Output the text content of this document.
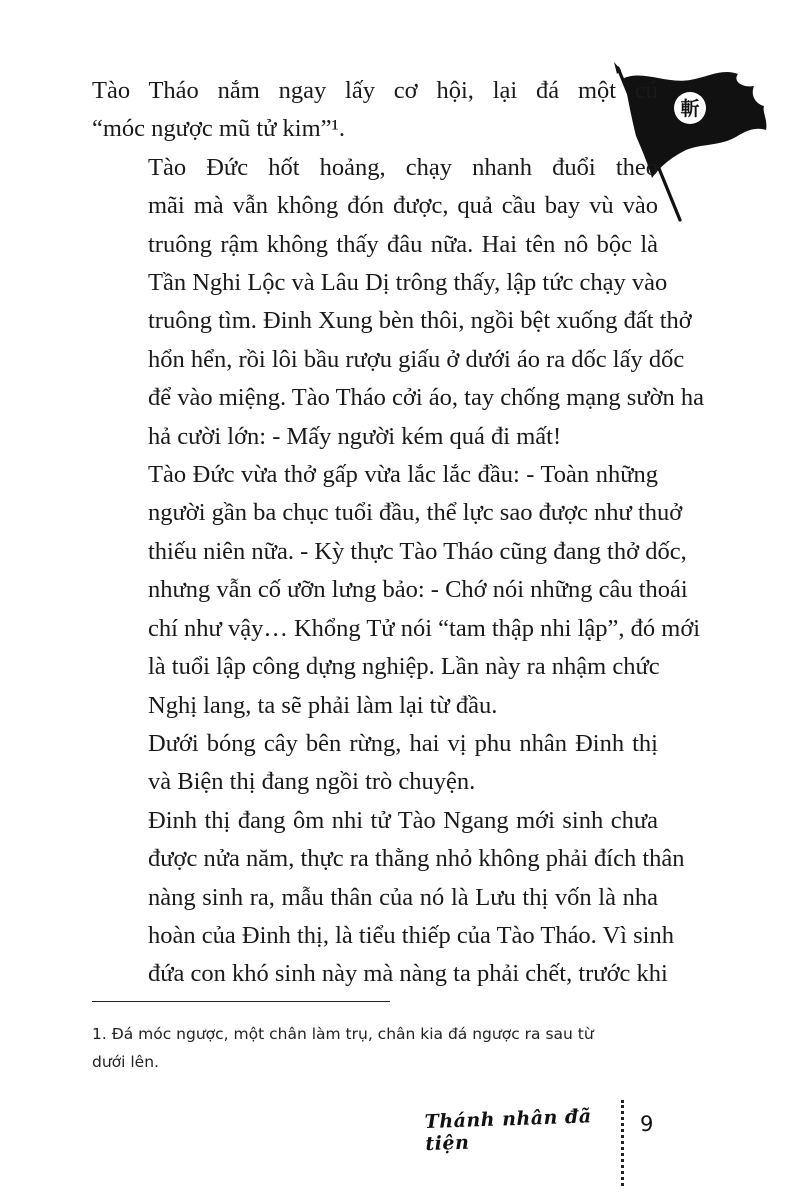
斬

Tào Tháo nắm ngay lấy cơ hội, lại đá một cú
“móc ngược mũ tử kim”¹.

Tào Đức hốt hoảng, chạy nhanh đuổi theo
mãi mà vẫn không đón được, quả cầu bay vù vào
truông rậm không thấy đâu nữa. Hai tên nô bộc là
Tần Nghi Lộc và Lâu Dị trông thấy, lập tức chạy vào
truông tìm. Đinh Xung bèn thôi, ngồi bệt xuống đất thở
hổn hển, rồi lôi bầu rượu giấu ở dưới áo ra dốc lấy dốc
để vào miệng. Tào Tháo cởi áo, tay chống mạng sườn ha
hả cười lớn: - Mấy người kém quá đi mất!

Tào Đức vừa thở gấp vừa lắc lắc đầu: - Toàn những
người gần ba chục tuổi đầu, thể lực sao được như thuở
thiếu niên nữa. - Kỳ thực Tào Tháo cũng đang thở dốc,
nhưng vẫn cố ưỡn lưng bảo: - Chớ nói những câu thoái
chí như vậy… Khổng Tử nói “tam thập nhi lập”, đó mới
là tuổi lập công dựng nghiệp. Lần này ra nhậm chức
Nghị lang, ta sẽ phải làm lại từ đầu.

Dưới bóng cây bên rừng, hai vị phu nhân Đinh thị
và Biện thị đang ngồi trò chuyện.

Đinh thị đang ôm nhi tử Tào Ngang mới sinh chưa
được nửa năm, thực ra thằng nhỏ không phải đích thân
nàng sinh ra, mẫu thân của nó là Lưu thị vốn là nha
hoàn của Đinh thị, là tiểu thiếp của Tào Tháo. Vì sinh
đứa con khó sinh này mà nàng ta phải chết, trước khi

1. Đá móc ngược, một chân làm trụ, chân kia đá ngược ra sau từ
dưới lên.
Thánh nhân đã tiện
9
